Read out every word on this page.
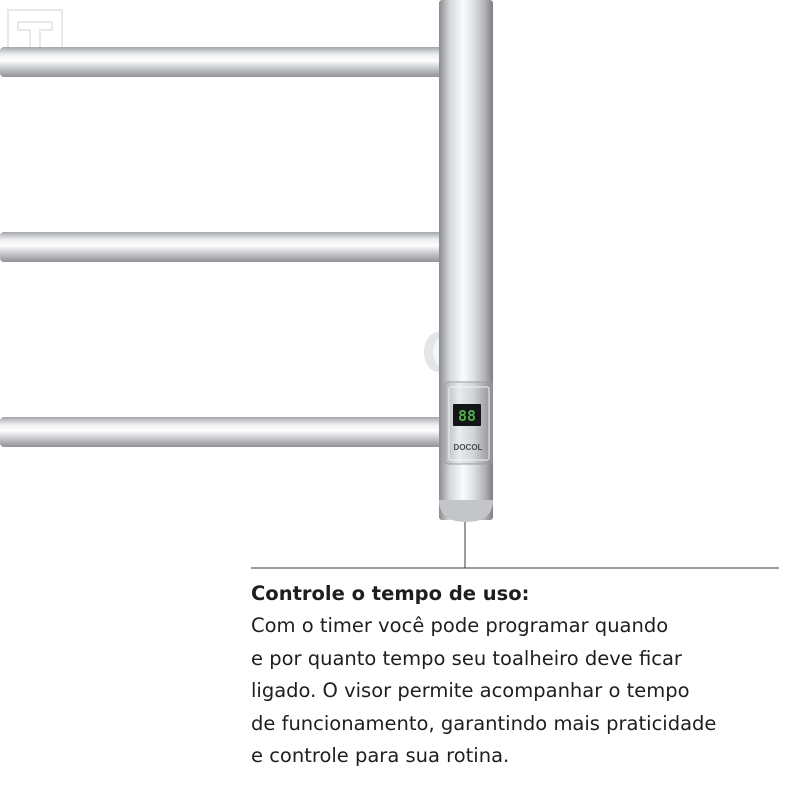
88
DOCOL
Controle o tempo de uso:
Com o timer você pode programar quando
e por quanto tempo seu toalheiro deve ficar
ligado. O visor permite acompanhar o tempo
de funcionamento, garantindo mais praticidade
e controle para sua rotina.
